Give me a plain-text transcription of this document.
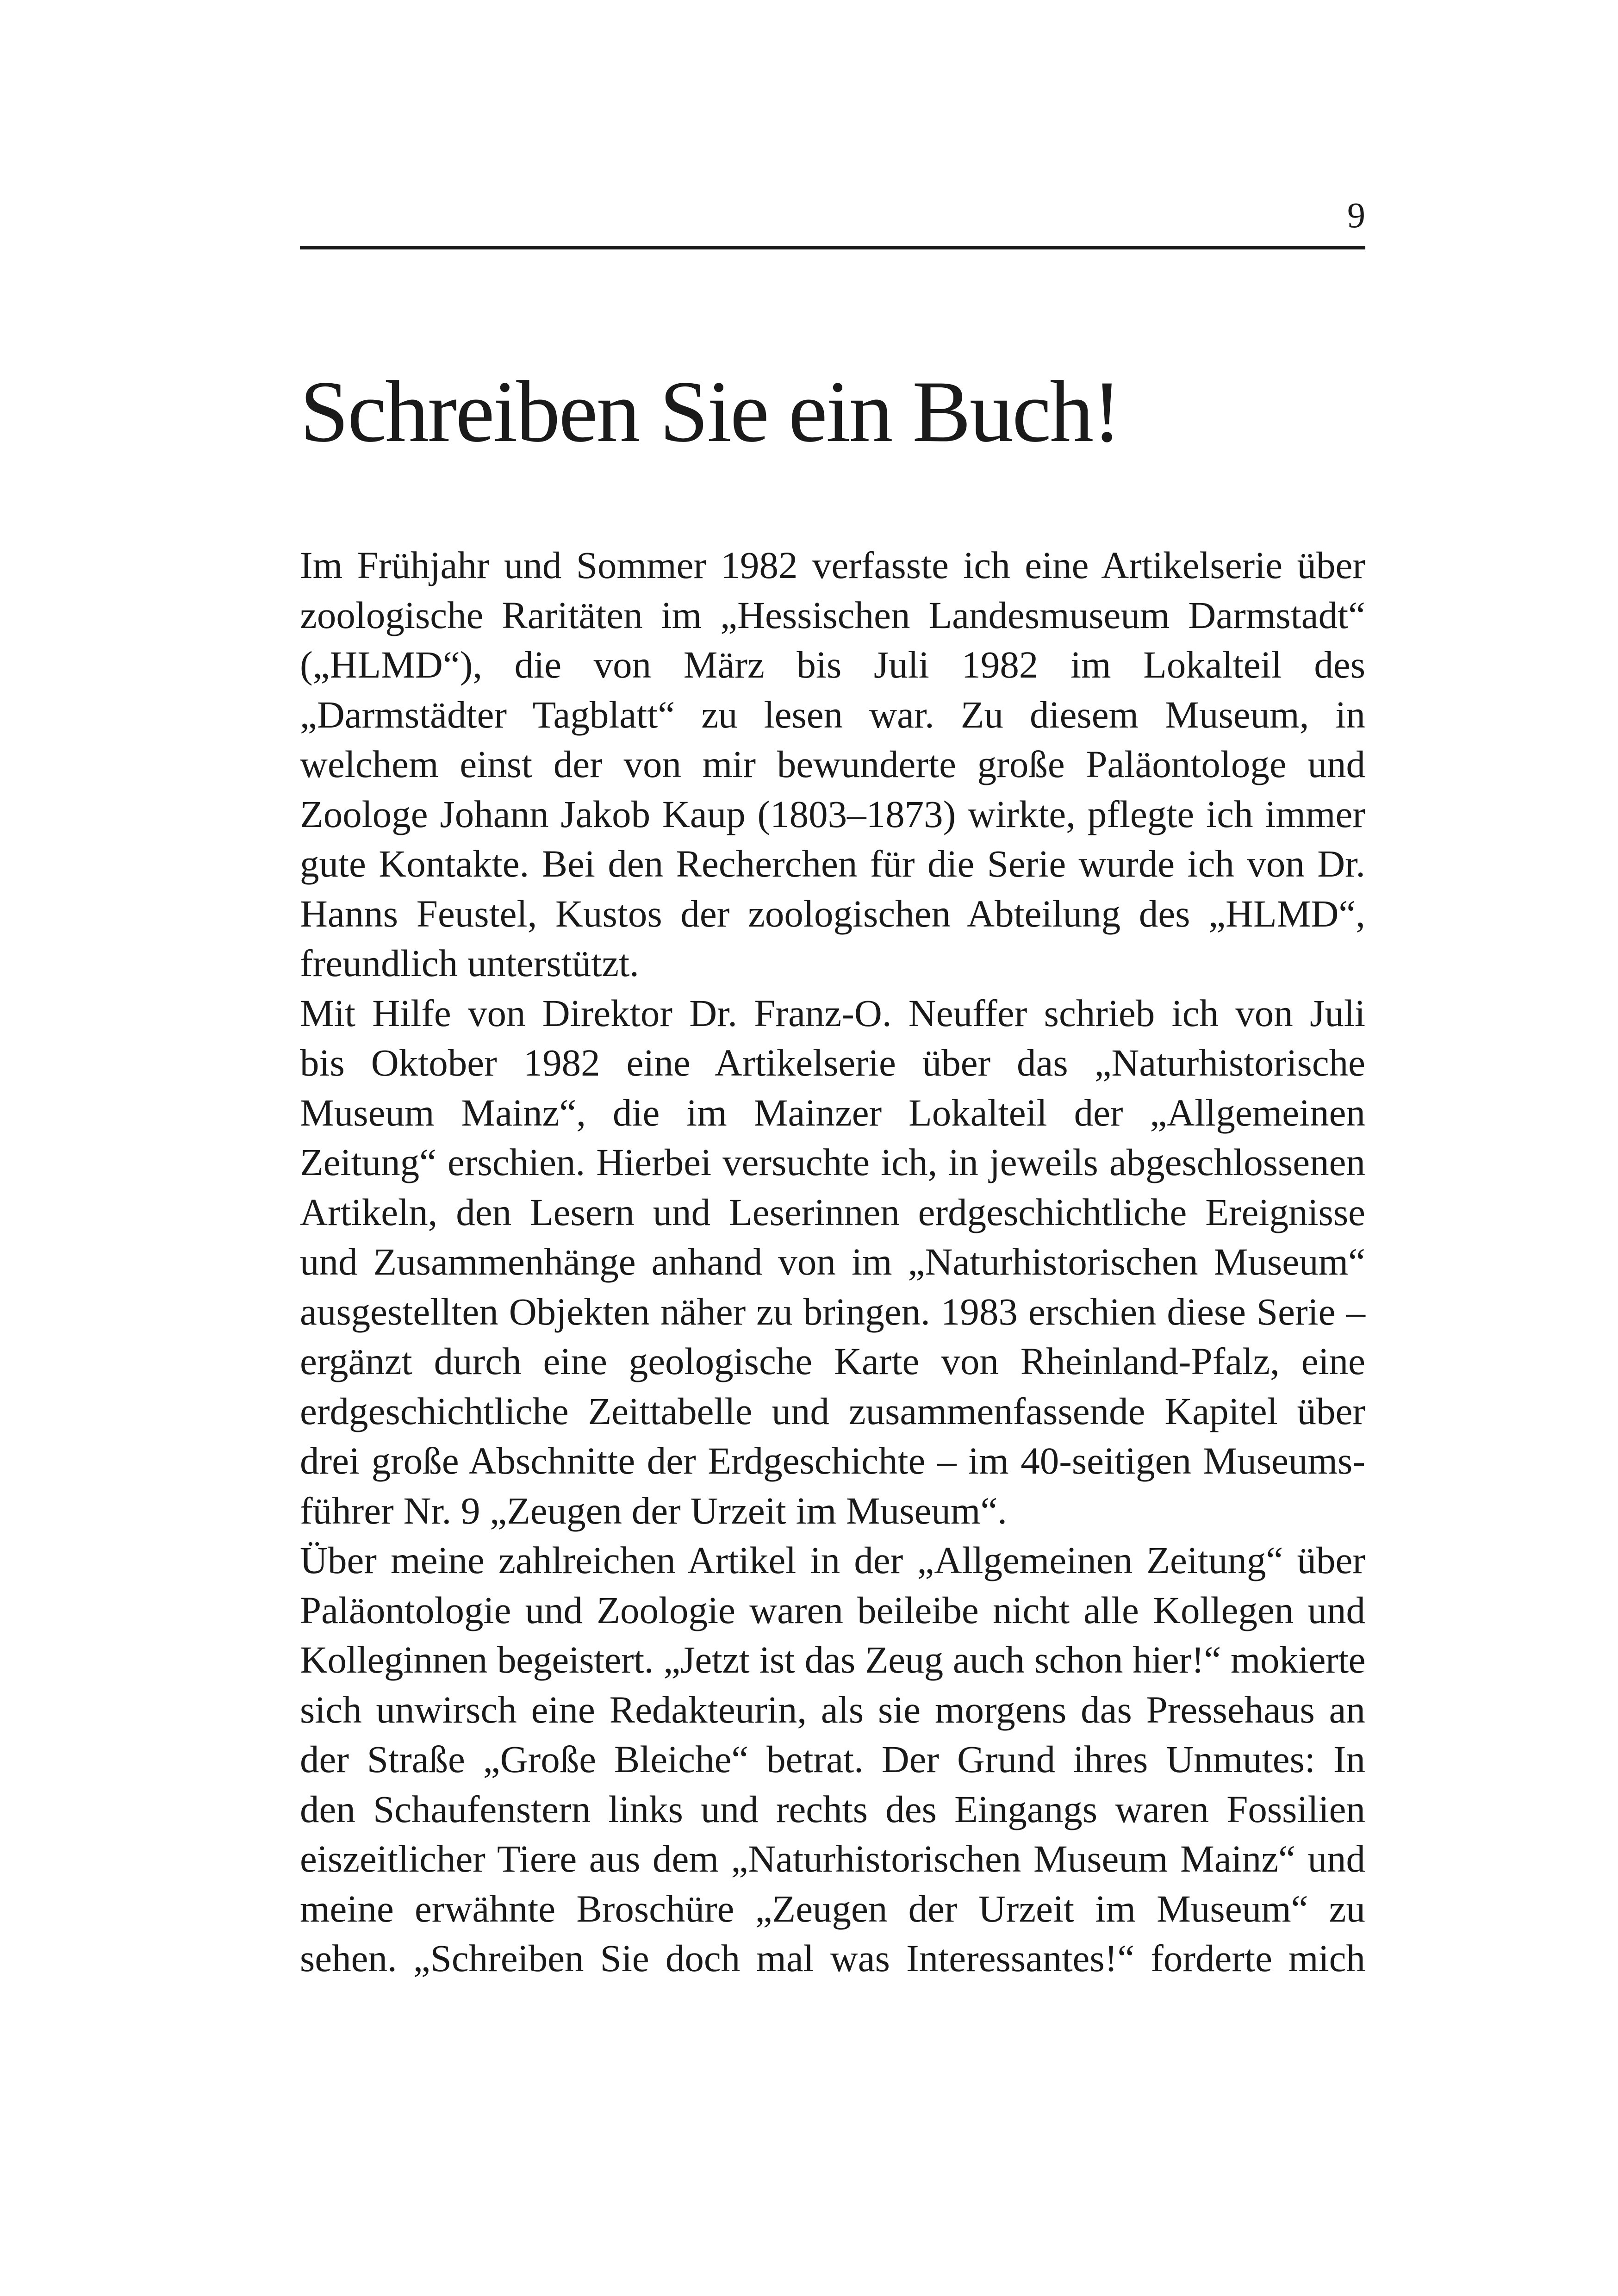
9
Schreiben Sie ein Buch!
Im Frühjahr und Sommer 1982 verfasste ich eine Artikelserie über
zoologische Raritäten im „Hessischen Landesmuseum Darmstadt“
(„HLMD“), die von März bis Juli 1982 im Lokalteil des
„Darmstädter Tagblatt“ zu lesen war. Zu diesem Museum, in
welchem einst der von mir bewunderte große Paläontologe und
Zoologe Johann Jakob Kaup (1803–1873) wirkte, pflegte ich immer
gute Kontakte. Bei den Recherchen für die Serie wurde ich von Dr.
Hanns Feustel, Kustos der zoologischen Abteilung des „HLMD“,
freundlich unterstützt.
Mit Hilfe von Direktor Dr. Franz-O. Neuffer schrieb ich von Juli
bis Oktober 1982 eine Artikelserie über das „Naturhistorische
Museum Mainz“, die im Mainzer Lokalteil der „Allgemeinen
Zeitung“ erschien. Hierbei versuchte ich, in jeweils abgeschlossenen
Artikeln, den Lesern und Leserinnen erdgeschichtliche Ereignisse
und Zusammenhänge anhand von im „Naturhistorischen Museum“
ausgestellten Objekten näher zu bringen. 1983 erschien diese Serie –
ergänzt durch eine geologische Karte von Rheinland-Pfalz, eine
erdgeschichtliche Zeittabelle und zusammenfassende Kapitel über
drei große Abschnitte der Erdgeschichte – im 40-seitigen Museums-
führer Nr. 9 „Zeugen der Urzeit im Museum“.
Über meine zahlreichen Artikel in der „Allgemeinen Zeitung“ über
Paläontologie und Zoologie waren beileibe nicht alle Kollegen und
Kolleginnen begeistert. „Jetzt ist das Zeug auch schon hier!“ mokierte
sich unwirsch eine Redakteurin, als sie morgens das Pressehaus an
der Straße „Große Bleiche“ betrat. Der Grund ihres Unmutes: In
den Schaufenstern links und rechts des Eingangs waren Fossilien
eiszeitlicher Tiere aus dem „Naturhistorischen Museum Mainz“ und
meine erwähnte Broschüre „Zeugen der Urzeit im Museum“ zu
sehen. „Schreiben Sie doch mal was Interessantes!“ forderte mich
